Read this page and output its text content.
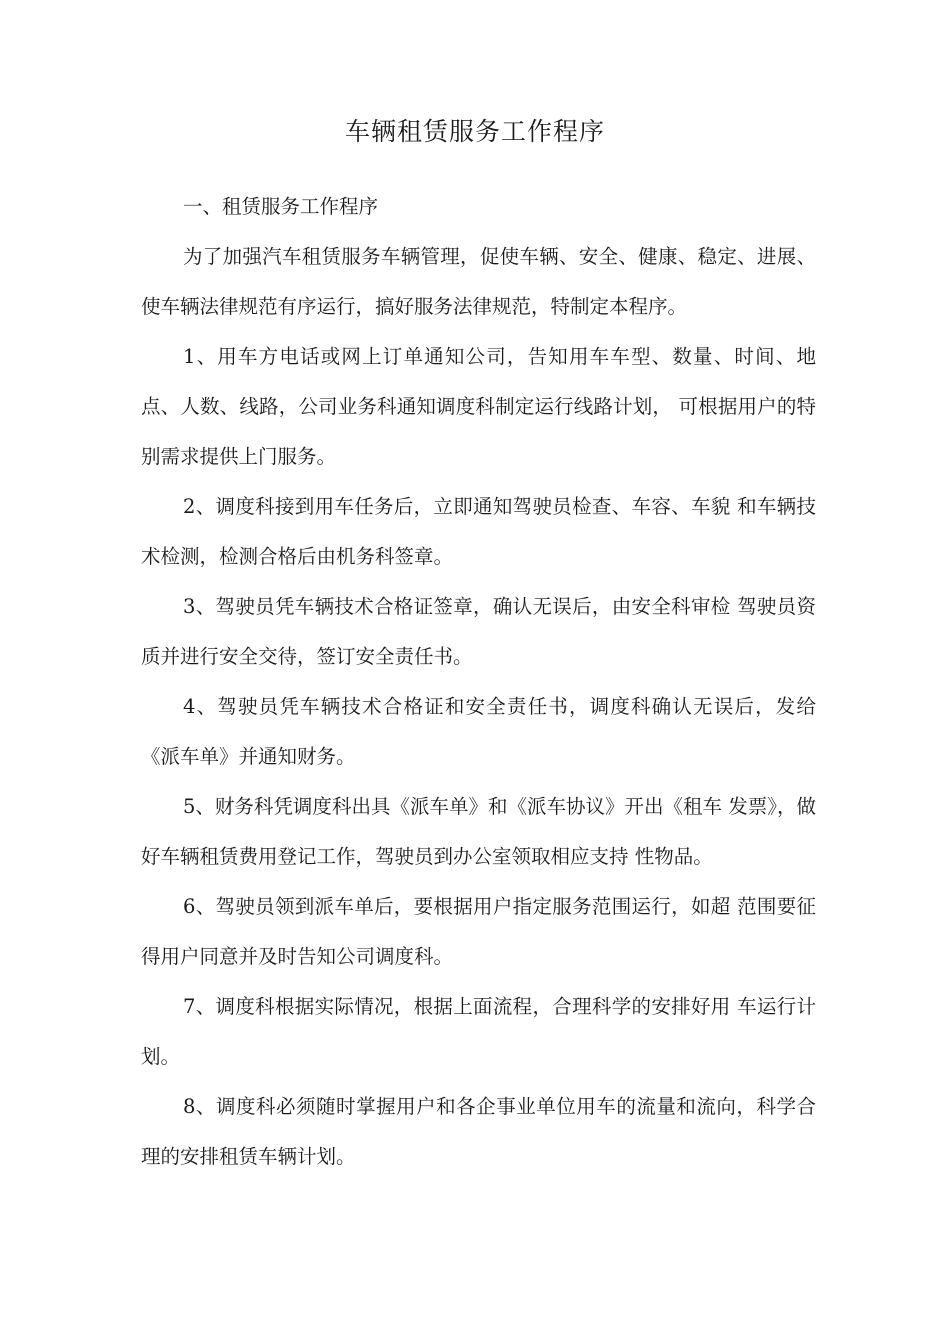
车辆租赁服务工作程序
一、租赁服务工作程序

为了加强汽车租赁服务车辆管理，促使车辆、安全、健康、稳定、进展、使车辆法律规范有序运行，搞好服务法律规范，特制定本程序。

1、用车方电话或网上订单通知公司，告知用车车型、数量、时间、地点、人数、线路，公司业务科通知调度科制定运行线路计划， 可根据用户的特别需求提供上门服务。

2、调度科接到用车任务后，立即通知驾驶员检查、车容、车貌 和车辆技术检测，检测合格后由机务科签章。

3、驾驶员凭车辆技术合格证签章，确认无误后，由安全科审检 驾驶员资质并进行安全交待，签订安全责任书。

4、驾驶员凭车辆技术合格证和安全责任书，调度科确认无误后，发给《派车单》并通知财务。

5、财务科凭调度科出具《派车单》和《派车协议》开出《租车 发票》，做好车辆租赁费用登记工作，驾驶员到办公室领取相应支持 性物品。

6、驾驶员领到派车单后，要根据用户指定服务范围运行，如超 范围要征得用户同意并及时告知公司调度科。

7、调度科根据实际情况，根据上面流程，合理科学的安排好用 车运行计划。

8、调度科必须随时掌握用户和各企事业单位用车的流量和流向，科学合理的安排租赁车辆计划。
